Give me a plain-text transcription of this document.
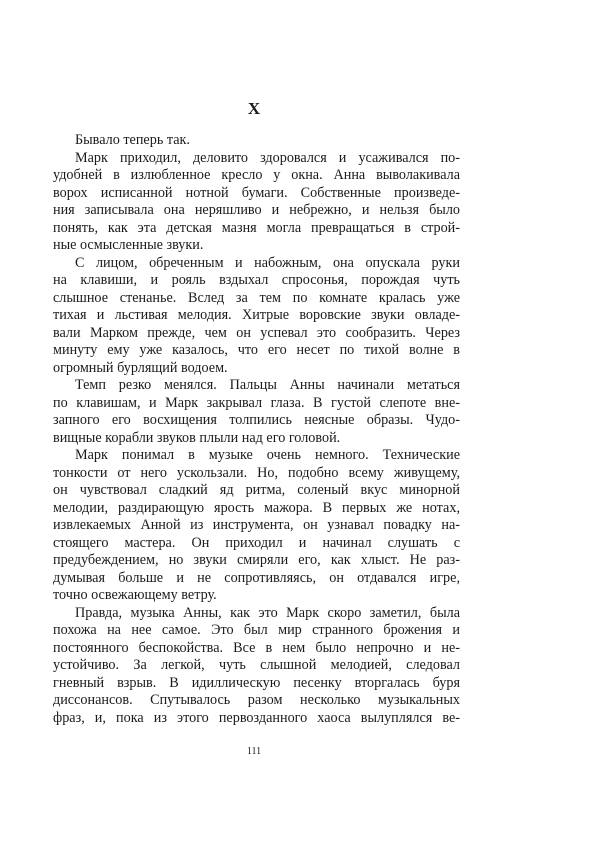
X
Бывало теперь так.
Марк приходил, деловито здоровался и усаживался по-
удобней в излюбленное кресло у окна. Анна выволакивала
ворох исписанной нотной бумаги. Собственные произведе-
ния записывала она неряшливо и небрежно, и нельзя было
понять, как эта детская мазня могла превращаться в строй-
ные осмысленные звуки.
С лицом, обреченным и набожным, она опускала руки
на клавиши, и рояль вздыхал спросонья, порождая чуть
слышное стенанье. Вслед за тем по комнате кралась уже
тихая и льстивая мелодия. Хитрые воровские звуки овладе-
вали Марком прежде, чем он успевал это сообразить. Через
минуту ему уже казалось, что его несет по тихой волне в
огромный бурлящий водоем.
Темп резко менялся. Пальцы Анны начинали метаться
по клавишам, и Марк закрывал глаза. В густой слепоте вне-
запного его восхищения толпились неясные образы. Чудо-
вищные корабли звуков плыли над его головой.
Марк понимал в музыке очень немного. Технические
тонкости от него ускользали. Но, подобно всему живущему,
он чувствовал сладкий яд ритма, соленый вкус минорной
мелодии, раздирающую ярость мажора. В первых же нотах,
извлекаемых Анной из инструмента, он узнавал повадку на-
стоящего мастера. Он приходил и начинал слушать с
предубеждением, но звуки смиряли его, как хлыст. Не раз-
думывая больше и не сопротивляясь, он отдавался игре,
точно освежающему ветру.
Правда, музыка Анны, как это Марк скоро заметил, была
похожа на нее самое. Это был мир странного брожения и
постоянного беспокойства. Все в нем было непрочно и не-
устойчиво. За легкой, чуть слышной мелодией, следовал
гневный взрыв. В идиллическую песенку вторгалась буря
диссонансов. Спутывалось разом несколько музыкальных
фраз, и, пока из этого первозданного хаоса вылуплялся ве-
111
